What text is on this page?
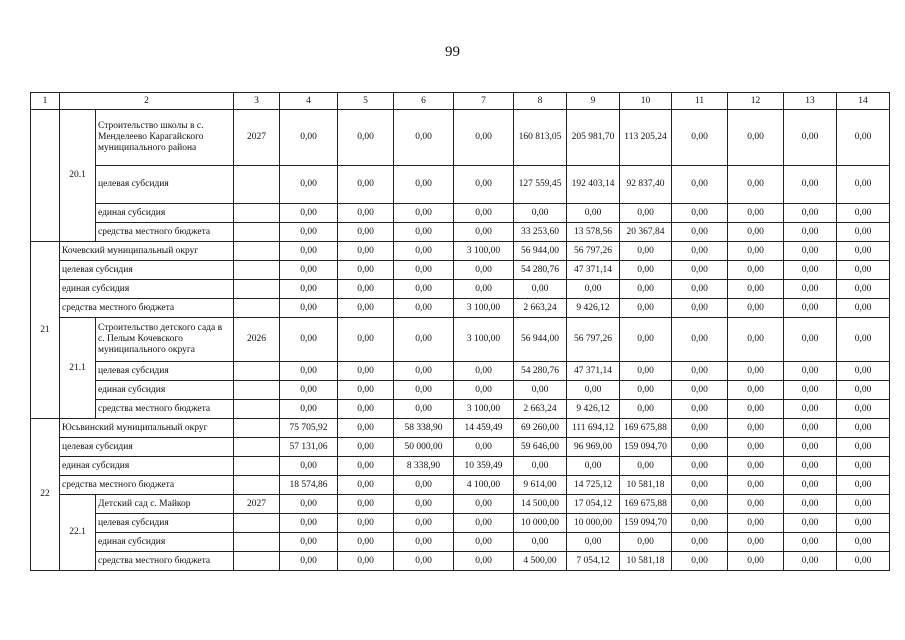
99
1	2		3	4	5	6	7	8	9	10	11	12	13	14
	20.1	Строительство школы в с. Менделеево Карагайского муниципального района	2027	0,00	0,00	0,00	0,00	160 813,05	205 981,70	113 205,24	0,00	0,00	0,00	0,00
		целевая субсидия		0,00	0,00	0,00	0,00	127 559,45	192 403,14	92 837,40	0,00	0,00	0,00	0,00
		единая субсидия		0,00	0,00	0,00	0,00	0,00	0,00	0,00	0,00	0,00	0,00	0,00
		средства местного бюджета		0,00	0,00	0,00	0,00	33 253,60	13 578,56	20 367,84	0,00	0,00	0,00	0,00
21	Кочевский муниципальный округ			0,00	0,00	0,00	3 100,00	56 944,00	56 797,26	0,00	0,00	0,00	0,00	0,00
	целевая субсидия			0,00	0,00	0,00	0,00	54 280,76	47 371,14	0,00	0,00	0,00	0,00	0,00
	единая субсидия			0,00	0,00	0,00	0,00	0,00	0,00	0,00	0,00	0,00	0,00	0,00
	средства местного бюджета			0,00	0,00	0,00	3 100,00	2 663,24	9 426,12	0,00	0,00	0,00	0,00	0,00
	21.1	Строительство детского сада в с. Пелым Кочевского муниципального округа	2026	0,00	0,00	0,00	3 100,00	56 944,00	56 797,26	0,00	0,00	0,00	0,00	0,00
		целевая субсидия		0,00	0,00	0,00	0,00	54 280,76	47 371,14	0,00	0,00	0,00	0,00	0,00
		единая субсидия		0,00	0,00	0,00	0,00	0,00	0,00	0,00	0,00	0,00	0,00	0,00
		средства местного бюджета		0,00	0,00	0,00	3 100,00	2 663,24	9 426,12	0,00	0,00	0,00	0,00	0,00
22	Юсьвинский муниципальный округ			75 705,92	0,00	58 338,90	14 459,49	69 260,00	111 694,12	169 675,88	0,00	0,00	0,00	0,00
	целевая субсидия			57 131,06	0,00	50 000,00	0,00	59 646,00	96 969,00	159 094,70	0,00	0,00	0,00	0,00
	единая субсидия			0,00	0,00	8 338,90	10 359,49	0,00	0,00	0,00	0,00	0,00	0,00	0,00
	средства местного бюджета			18 574,86	0,00	0,00	4 100,00	9 614,00	14 725,12	10 581,18	0,00	0,00	0,00	0,00
	22.1	Детский сад с. Майкор	2027	0,00	0,00	0,00	0,00	14 500,00	17 054,12	169 675,88	0,00	0,00	0,00	0,00
		целевая субсидия		0,00	0,00	0,00	0,00	10 000,00	10 000,00	159 094,70	0,00	0,00	0,00	0,00
		единая субсидия		0,00	0,00	0,00	0,00	0,00	0,00	0,00	0,00	0,00	0,00	0,00
		средства местного бюджета		0,00	0,00	0,00	0,00	4 500,00	7 054,12	10 581,18	0,00	0,00	0,00	0,00
